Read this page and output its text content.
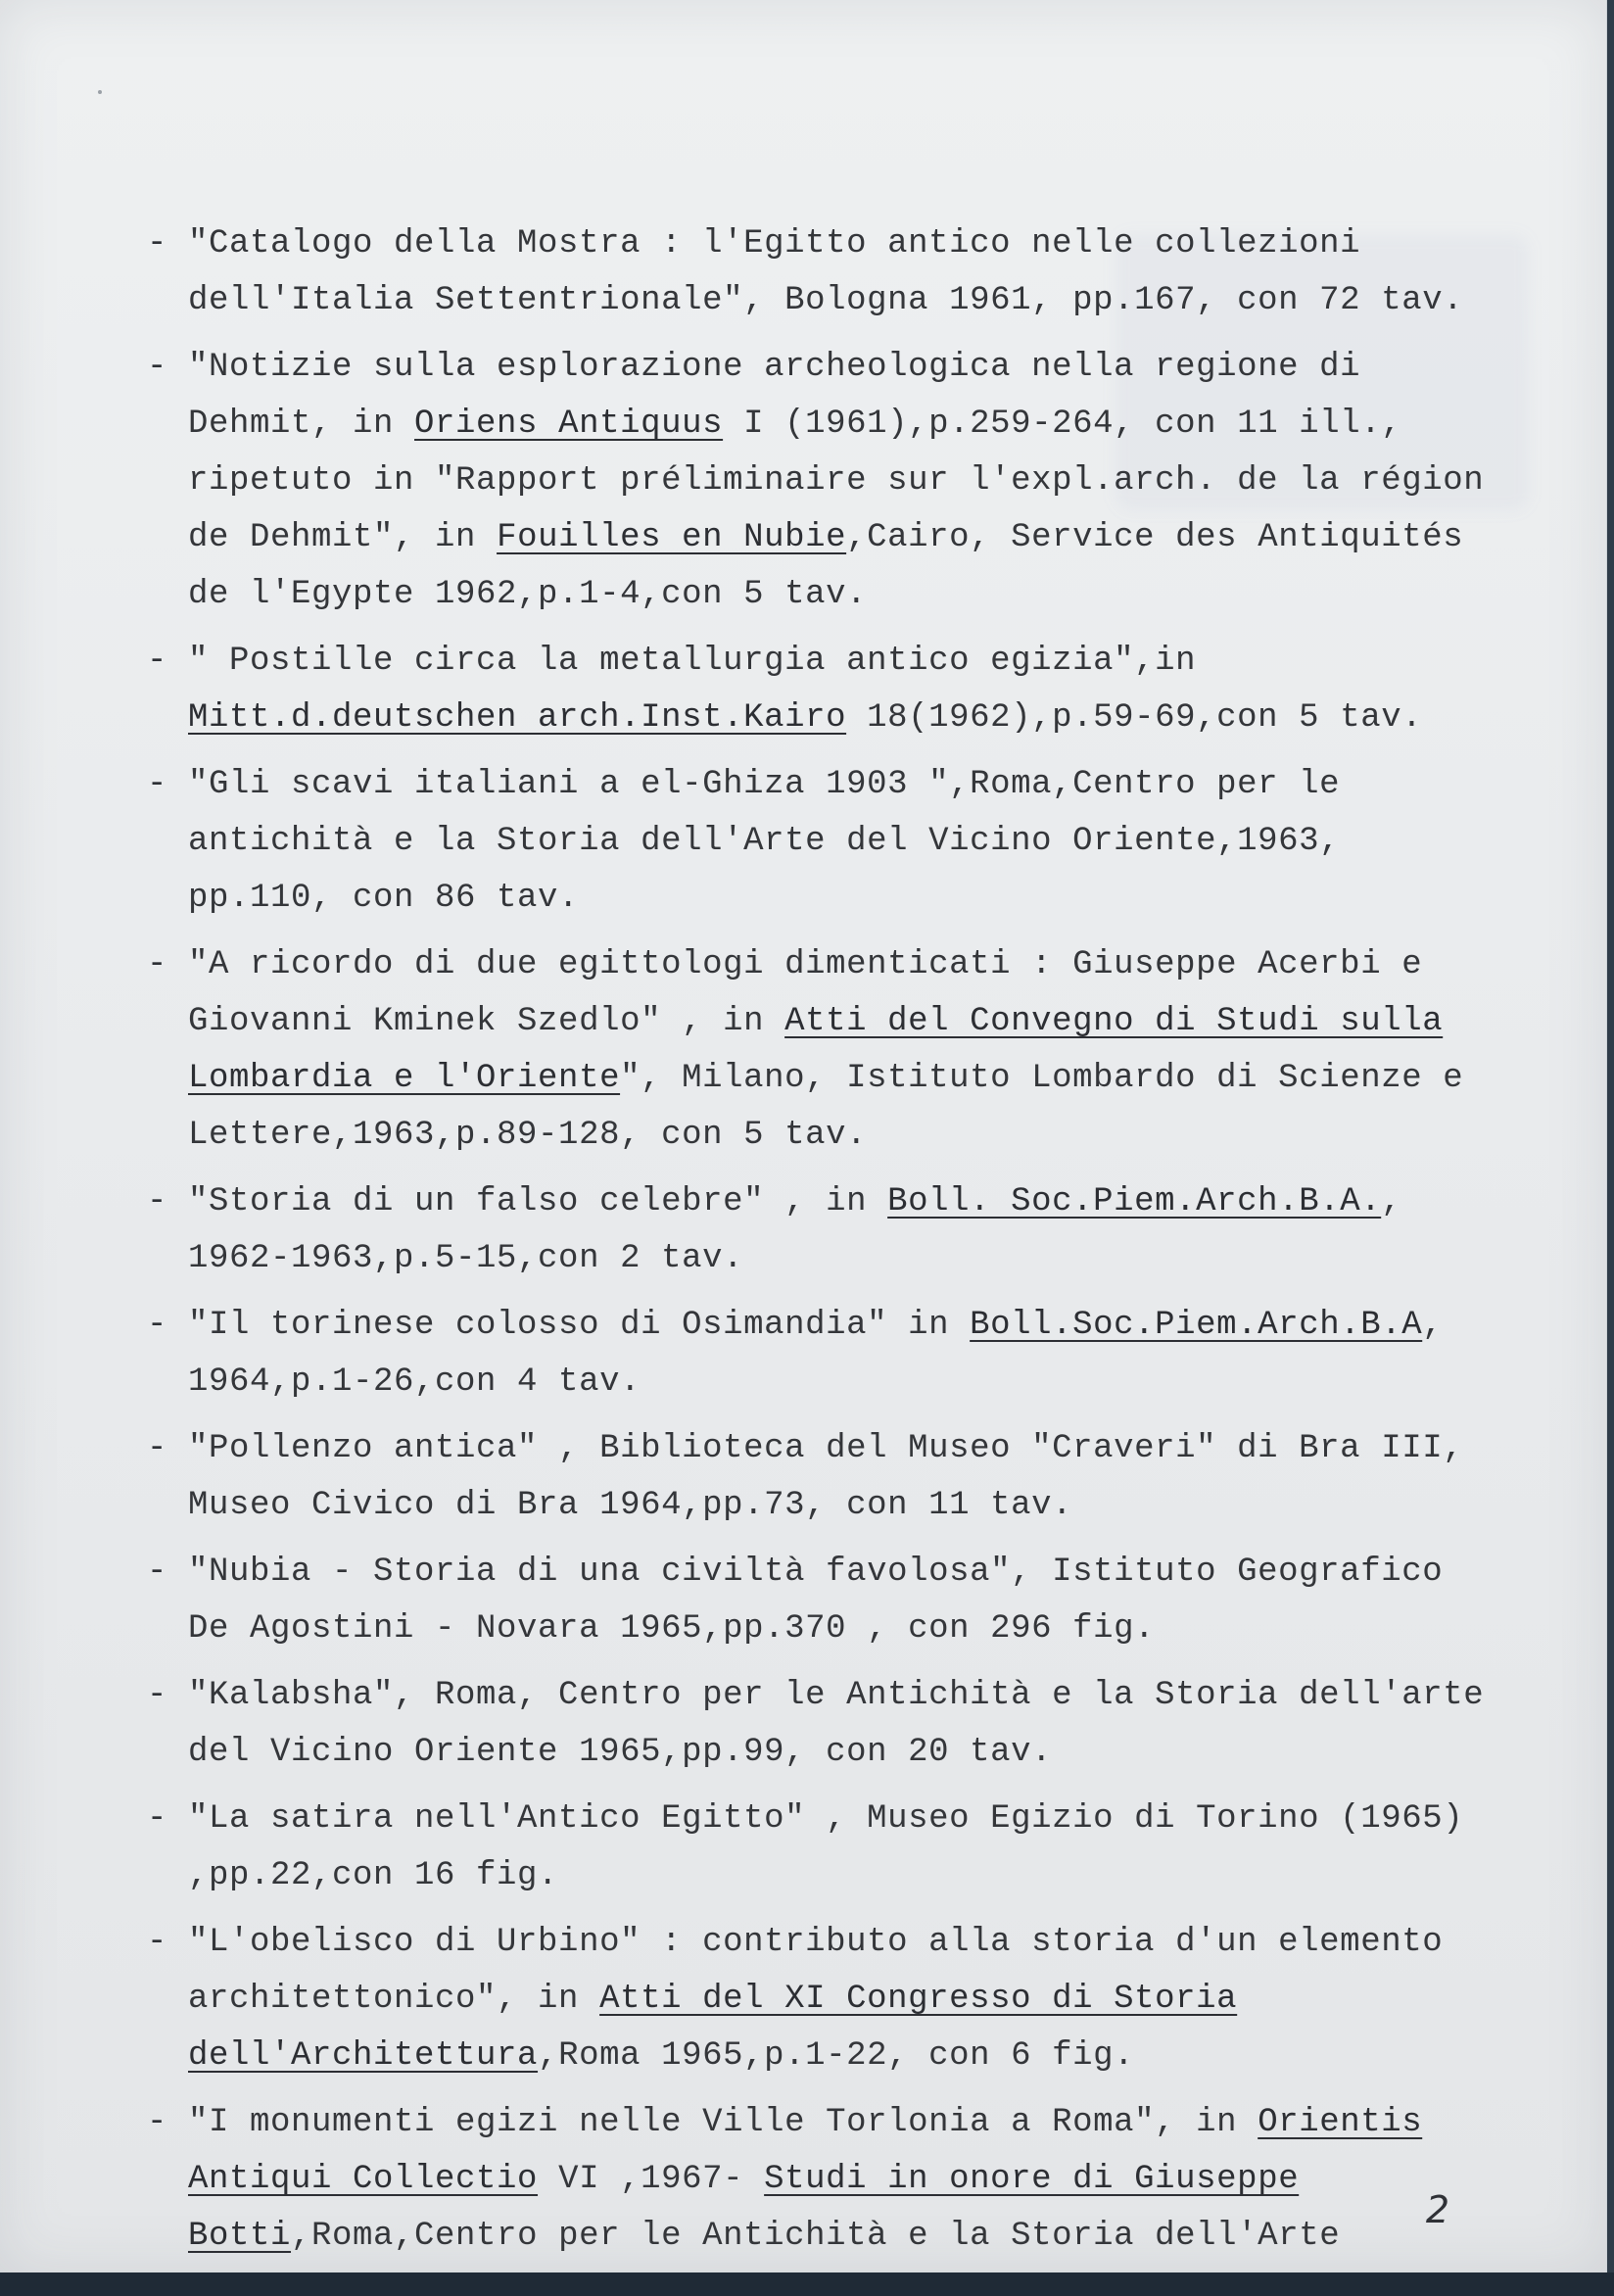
- "Catalogo della Mostra : l'Egitto antico nelle collezioni dell'Italia Settentrionale", Bologna 1961, pp.167, con 72 tav.
- "Notizie sulla esplorazione archeologica nella regione di Dehmit, in Oriens Antiquus I (1961),p.259-264, con 11 ill., ripetuto in "Rapport préliminaire sur l'expl.arch. de la région de Dehmit", in Fouilles en Nubie,Cairo, Service des Antiquités de l'Egypte 1962,p.1-4,con 5 tav.
- " Postille circa la metallurgia antico egizia",in Mitt.d.deutschen arch.Inst.Kairo 18(1962),p.59-69,con 5 tav.
- "Gli scavi italiani a el-Ghiza 1903 ",Roma,Centro per le antichità e la Storia dell'Arte del Vicino Oriente,1963, pp.110, con 86 tav.
- "A ricordo di due egittologi dimenticati : Giuseppe Acerbi e Giovanni Kminek Szedlo" , in Atti del Convegno di Studi sulla Lombardia e l'Oriente", Milano, Istituto Lombardo di Scienze e Lettere,1963,p.89-128, con 5 tav.
- "Storia di un falso celebre" , in Boll. Soc.Piem.Arch.B.A., 1962-1963,p.5-15,con 2 tav.
- "Il torinese colosso di Osimandia" in Boll.Soc.Piem.Arch.B.A, 1964,p.1-26,con 4 tav.
- "Pollenzo antica" , Biblioteca del Museo "Craveri" di Bra III, Museo Civico di Bra 1964,pp.73, con 11 tav.
- "Nubia - Storia di una civiltà favolosa", Istituto Geografico De Agostini - Novara 1965,pp.370 , con 296 fig.
- "Kalabsha", Roma, Centro per le Antichità e la Storia dell'arte del Vicino Oriente 1965,pp.99, con 20 tav.
- "La satira nell'Antico Egitto" , Museo Egizio di Torino (1965) ,pp.22,con 16 fig.
- "L'obelisco di Urbino" : contributo alla storia d'un elemento architettonico", in Atti del XI Congresso di Storia dell'Architettura,Roma 1965,p.1-22, con 6 fig.
- "I monumenti egizi nelle Ville Torlonia a Roma", in Orientis Antiqui Collectio VI ,1967- Studi in onore di Giuseppe Botti,Roma,Centro per le Antichità e la Storia dell'Arte
2
